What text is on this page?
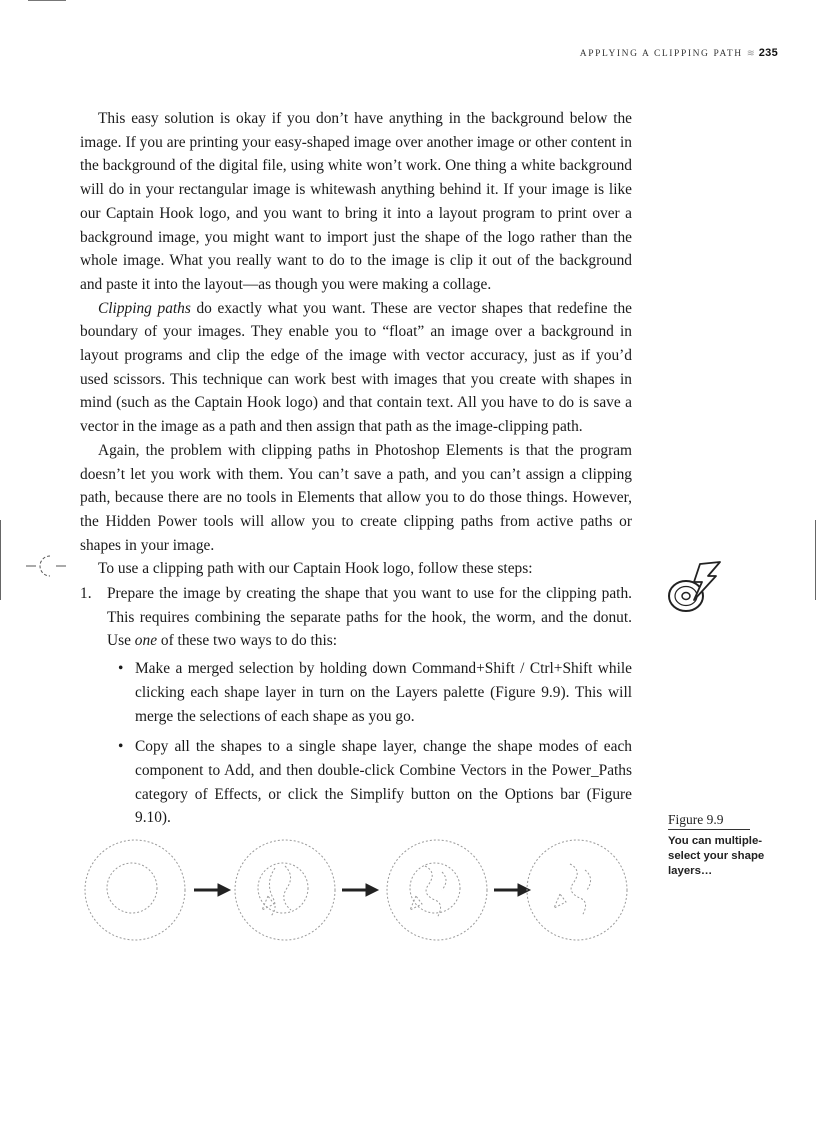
APPLYING A CLIPPING PATH ≋ 235

This easy solution is okay if you don’t have anything in the background below the image. If you are printing your easy-shaped image over another image or other content in the background of the digital file, using white won’t work. One thing a white background will do in your rectangular image is whitewash anything behind it. If your image is like our Captain Hook logo, and you want to bring it into a layout program to print over a background image, you might want to import just the shape of the logo rather than the whole image. What you really want to do to the image is clip it out of the background and paste it into the layout—as though you were making a collage.

Clipping paths do exactly what you want. These are vector shapes that redefine the boundary of your images. They enable you to “float” an image over a background in layout programs and clip the edge of the image with vector accuracy, just as if you’d used scissors. This technique can work best with images that you create with shapes in mind (such as the Captain Hook logo) and that contain text. All you have to do is save a vector in the image as a path and then assign that path as the image-clipping path.

Again, the problem with clipping paths in Photoshop Elements is that the program doesn’t let you work with them. You can’t save a path, and you can’t assign a clipping path, because there are no tools in Elements that allow you to do those things. However, the Hidden Power tools will allow you to create clipping paths from active paths or shapes in your image.

To use a clipping path with our Captain Hook logo, follow these steps:

1.	Prepare the image by creating the shape that you want to use for the clipping path. This requires combining the separate paths for the hook, the worm, and the donut. Use one of these two ways to do this:
• Make a merged selection by holding down Command+Shift / Ctrl+Shift while clicking each shape layer in turn on the Layers palette (Figure 9.9). This will merge the selections of each shape as you go.
• Copy all the shapes to a single shape layer, change the shape modes of each component to Add, and then double-click Combine Vectors in the Power_Paths category of Effects, or click the Simplify button on the Options bar (Figure 9.10).	Figure 9.9
You can multiple-select your shape layers…
